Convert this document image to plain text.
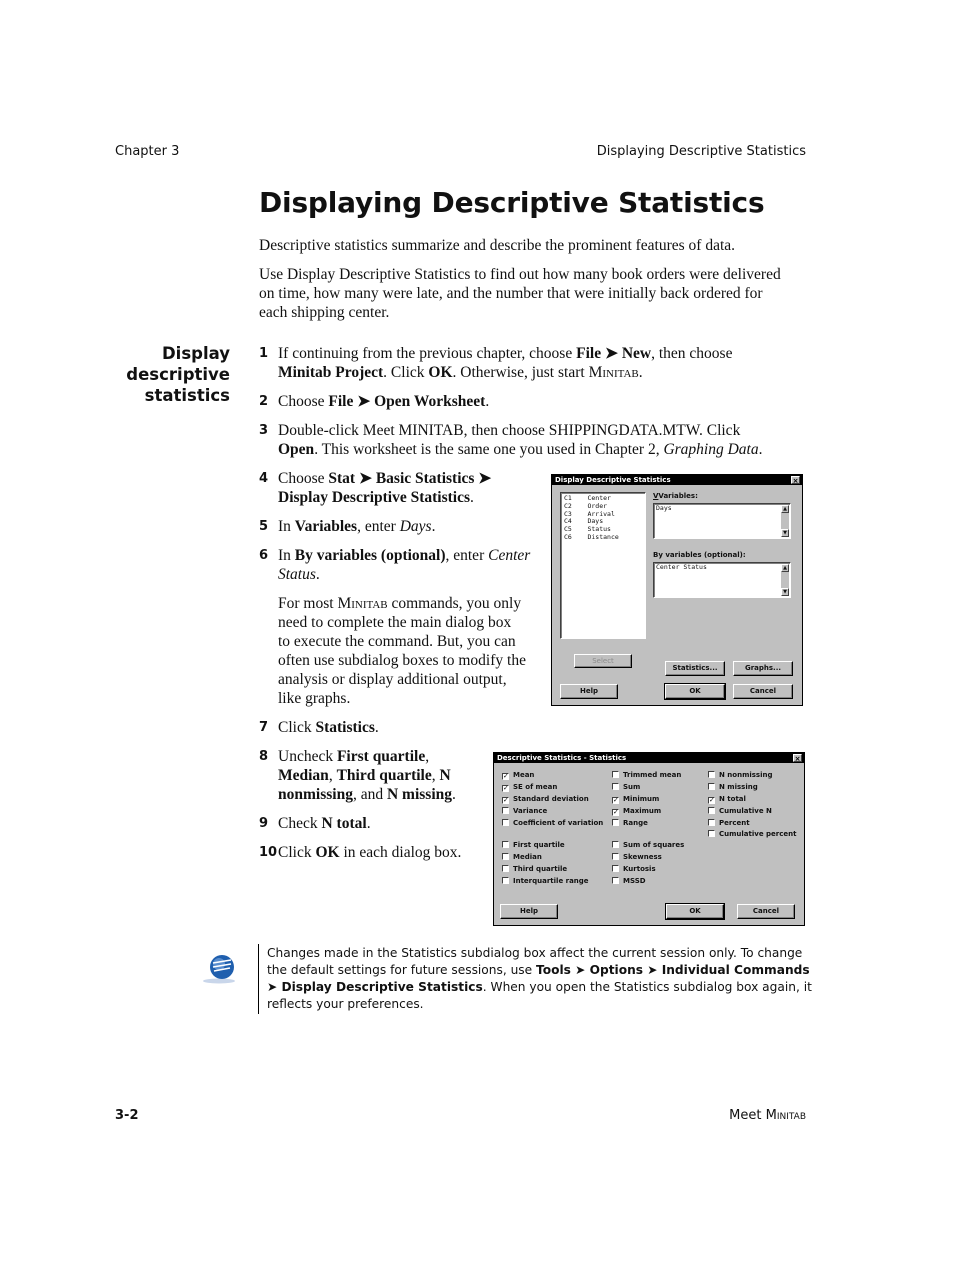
Chapter 3	Displaying Descriptive Statistics
Displaying Descriptive Statistics
Descriptive statistics summarize and describe the prominent features of data.
Use Display Descriptive Statistics to find out how many book orders were delivered
on time, how many were late, and the number that were initially back ordered for
each shipping center.
Display
descriptive
statistics
1 If continuing from the previous chapter, choose File ➤ New, then choose
Minitab Project. Click OK. Otherwise, just start Minitab.
2 Choose File ➤ Open Worksheet.
3 Double-click Meet MINITAB, then choose SHIPPINGDATA.MTW. Click
Open. This worksheet is the same one you used in Chapter 2, Graphing Data.
4 Choose Stat ➤ Basic Statistics ➤
Display Descriptive Statistics.
5 In Variables, enter Days.
6 In By variables (optional), enter Center
Status.
For most Minitab commands, you only
need to complete the main dialog box
to execute the command. But, you can
often use subdialog boxes to modify the
analysis or display additional output,
like graphs.
7 Click Statistics.
8 Uncheck First quartile,
Median, Third quartile, N
nonmissing, and N missing.
9 Check N total.
10 Click OK in each dialog box.
Display Descriptive Statistics	×
C1    Center
C2    Order
C3    Arrival
C4    Days
C5    Status
C6    Distance
VVariables:
Days	▲
▼
By variables (optional):
Center Status	▲
▼
Select
Statistics...	Graphs...
Help	OK	Cancel
Descriptive Statistics - Statistics	×
✓ Mean
✓ SE of mean
✓ Standard deviation
Variance
Coefficient of variation
First quartile
Median
Third quartile
Interquartile range
Trimmed mean
Sum
✓ Minimum
✓ Maximum
Range
Sum of squares
Skewness
Kurtosis
MSSD
N nonmissing
N missing
✓ N total
Cumulative N
Percent
Cumulative percent
Help	OK	Cancel
Changes made in the Statistics subdialog box affect the current session only. To change the default settings for future sessions, use Tools ➤ Options ➤ Individual Commands ➤ Display Descriptive Statistics. When you open the Statistics subdialog box again, it reflects your preferences.
3-2	Meet Minitab
